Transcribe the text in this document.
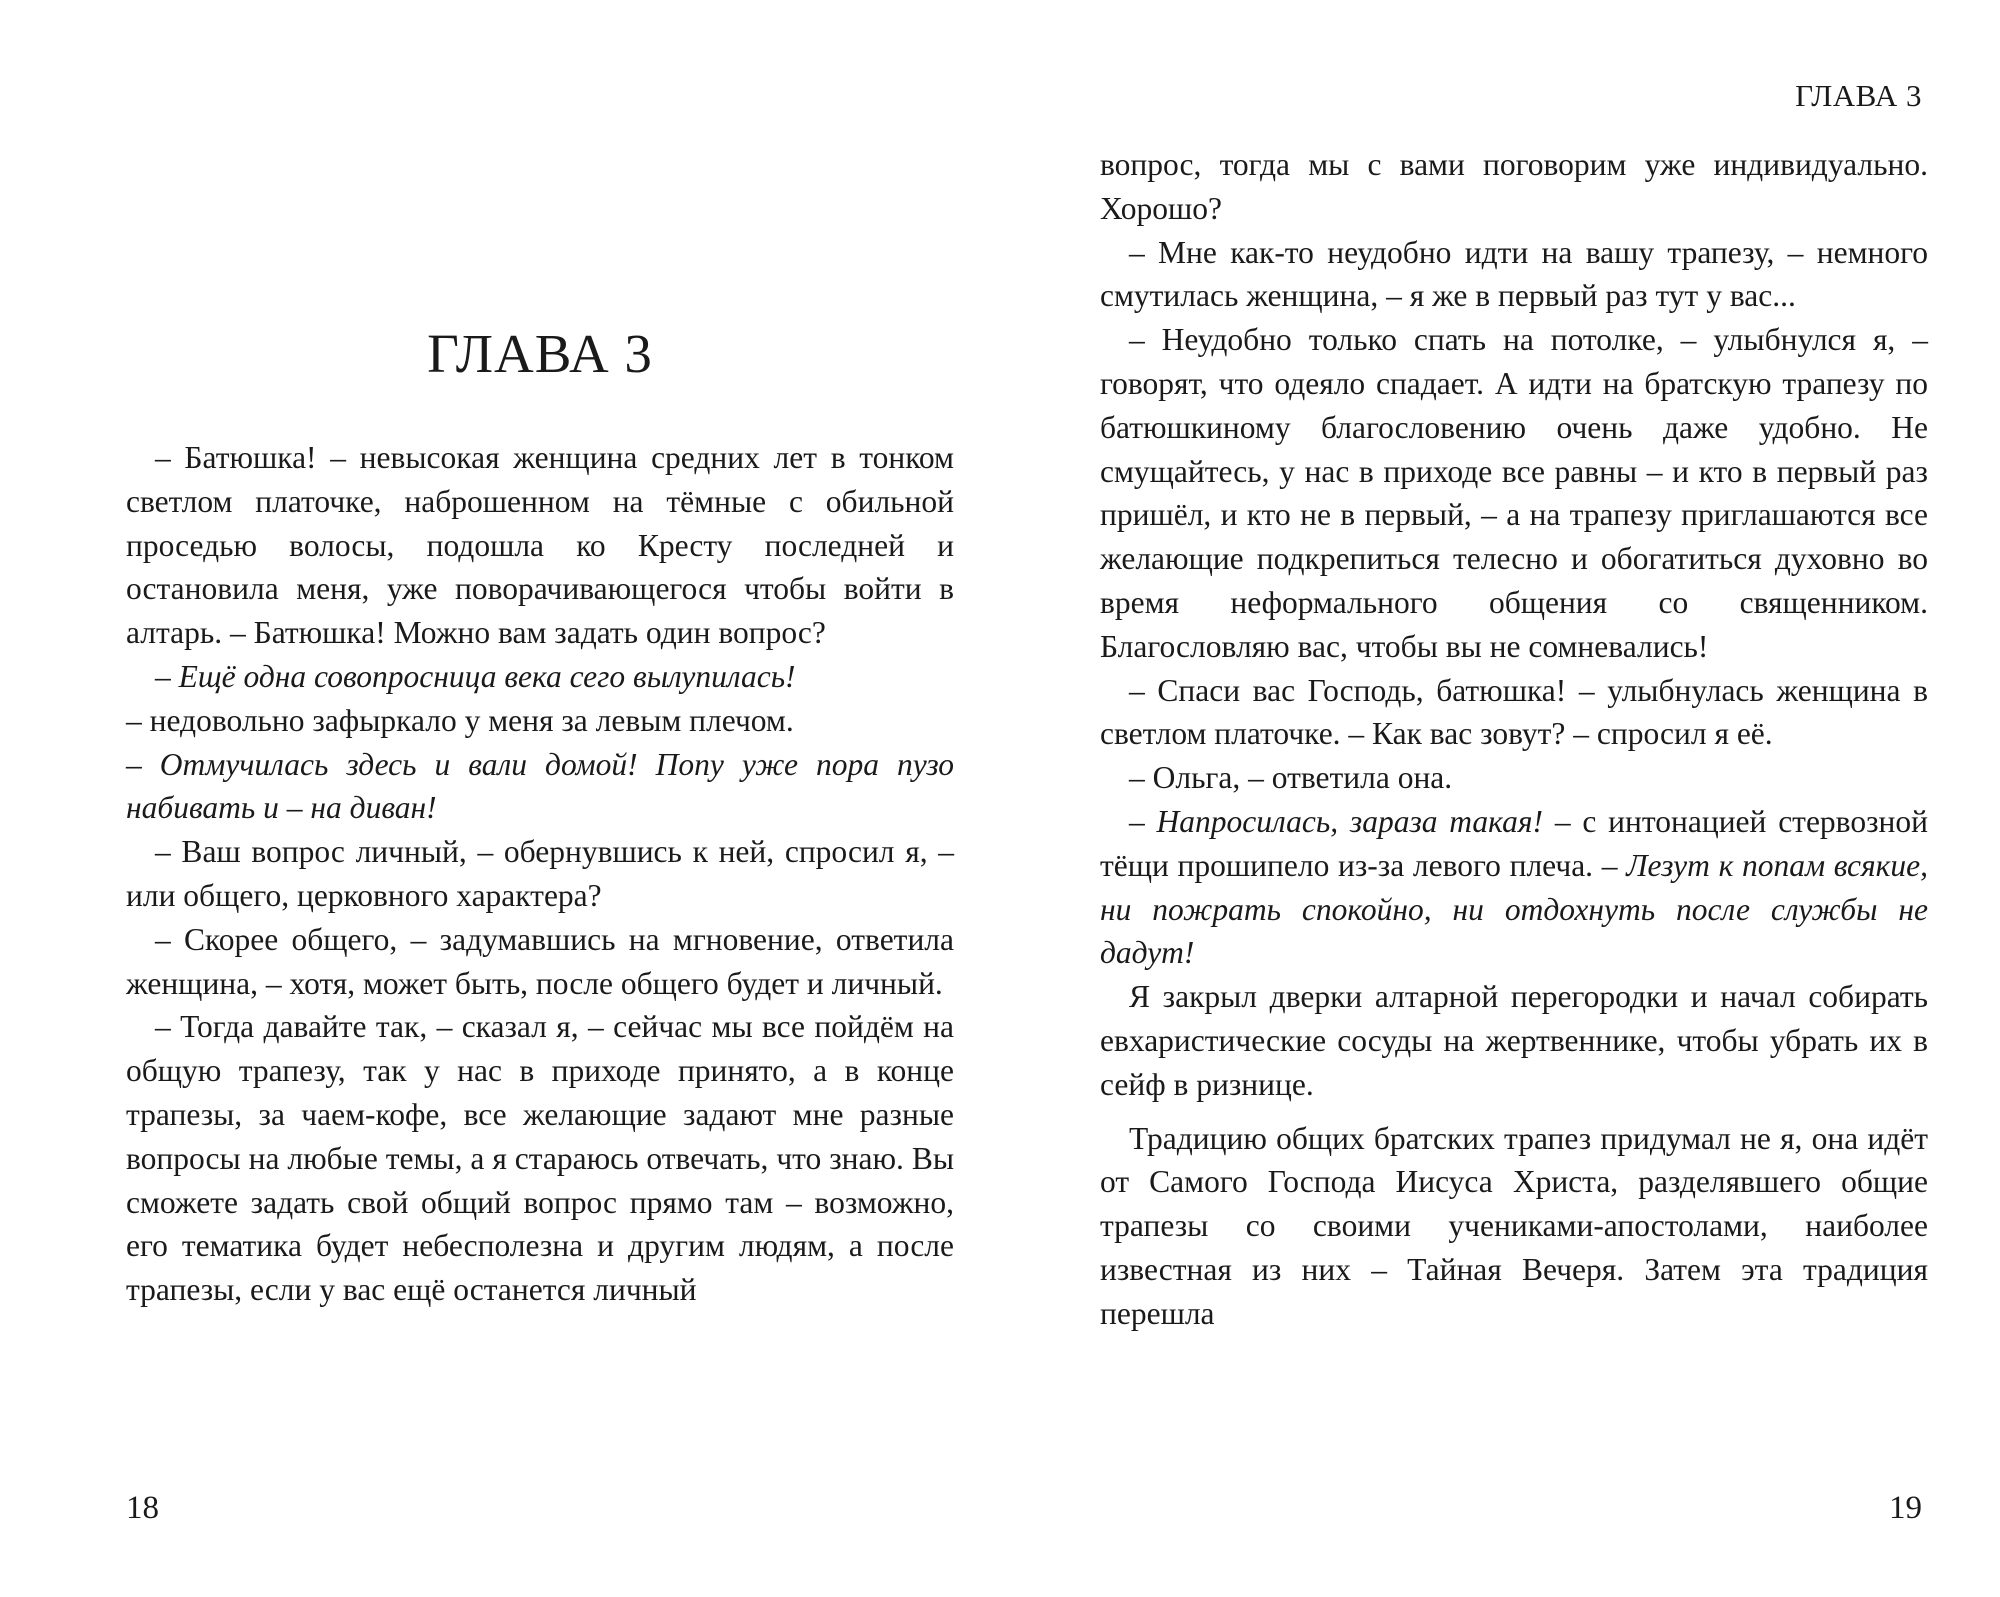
ГЛАВА 3

– Батюшка! – невысокая женщина средних лет в тонком светлом платочке, наброшенном на тёмные с обильной проседью волосы, подошла ко Кресту последней и остановила меня, уже поворачивающегося чтобы войти в алтарь. – Батюшка! Можно вам задать один вопрос?

– Ещё одна совопросница века сего вылупилась!

– недовольно зафыркало у меня за левым плечом.

– Отмучилась здесь и вали домой! Попу уже пора пузо набивать и – на диван!

– Ваш вопрос личный, – обернувшись к ней, спросил я, – или общего, церковного характера?

– Скорее общего, – задумавшись на мгновение, ответила женщина, – хотя, может быть, после общего будет и личный.

– Тогда давайте так, – сказал я, – сейчас мы все пойдём на общую трапезу, так у нас в приходе принято, а в конце трапезы, за чаем-кофе, все желающие задают мне разные вопросы на любые темы, а я стараюсь отвечать, что знаю. Вы сможете задать свой общий вопрос прямо там – возможно, его тематика будет небесполезна и другим людям, а после трапезы, если у вас ещё останется личный

18
ГЛАВА 3

вопрос, тогда мы с вами поговорим уже индивидуально. Хорошо?

– Мне как-то неудобно идти на вашу трапезу, – немного смутилась женщина, – я же в первый раз тут у вас...

– Неудобно только спать на потолке, – улыбнулся я, – говорят, что одеяло спадает. А идти на братскую трапезу по батюшкиному благословению очень даже удобно. Не смущайтесь, у нас в приходе все равны – и кто в первый раз пришёл, и кто не в первый, – а на трапезу приглашаются все желающие подкрепиться телесно и обогатиться духовно во время неформального общения со священником. Благословляю вас, чтобы вы не сомневались!

– Спаси вас Господь, батюшка! – улыбнулась женщина в светлом платочке. – Как вас зовут? – спросил я её.

– Ольга, – ответила она.

– Напросилась, зараза такая! – с интонацией стервозной тёщи прошипело из-за левого плеча. – Лезут к попам всякие, ни пожрать спокойно, ни отдохнуть после службы не дадут!

Я закрыл дверки алтарной перегородки и начал собирать евхаристические сосуды на жертвеннике, чтобы убрать их в сейф в ризнице.

Традицию общих братских трапез придумал не я, она идёт от Самого Господа Иисуса Христа, разделявшего общие трапезы со своими учениками-апостолами, наиболее известная из них – Тайная Вечеря. Затем эта традиция перешла

19
